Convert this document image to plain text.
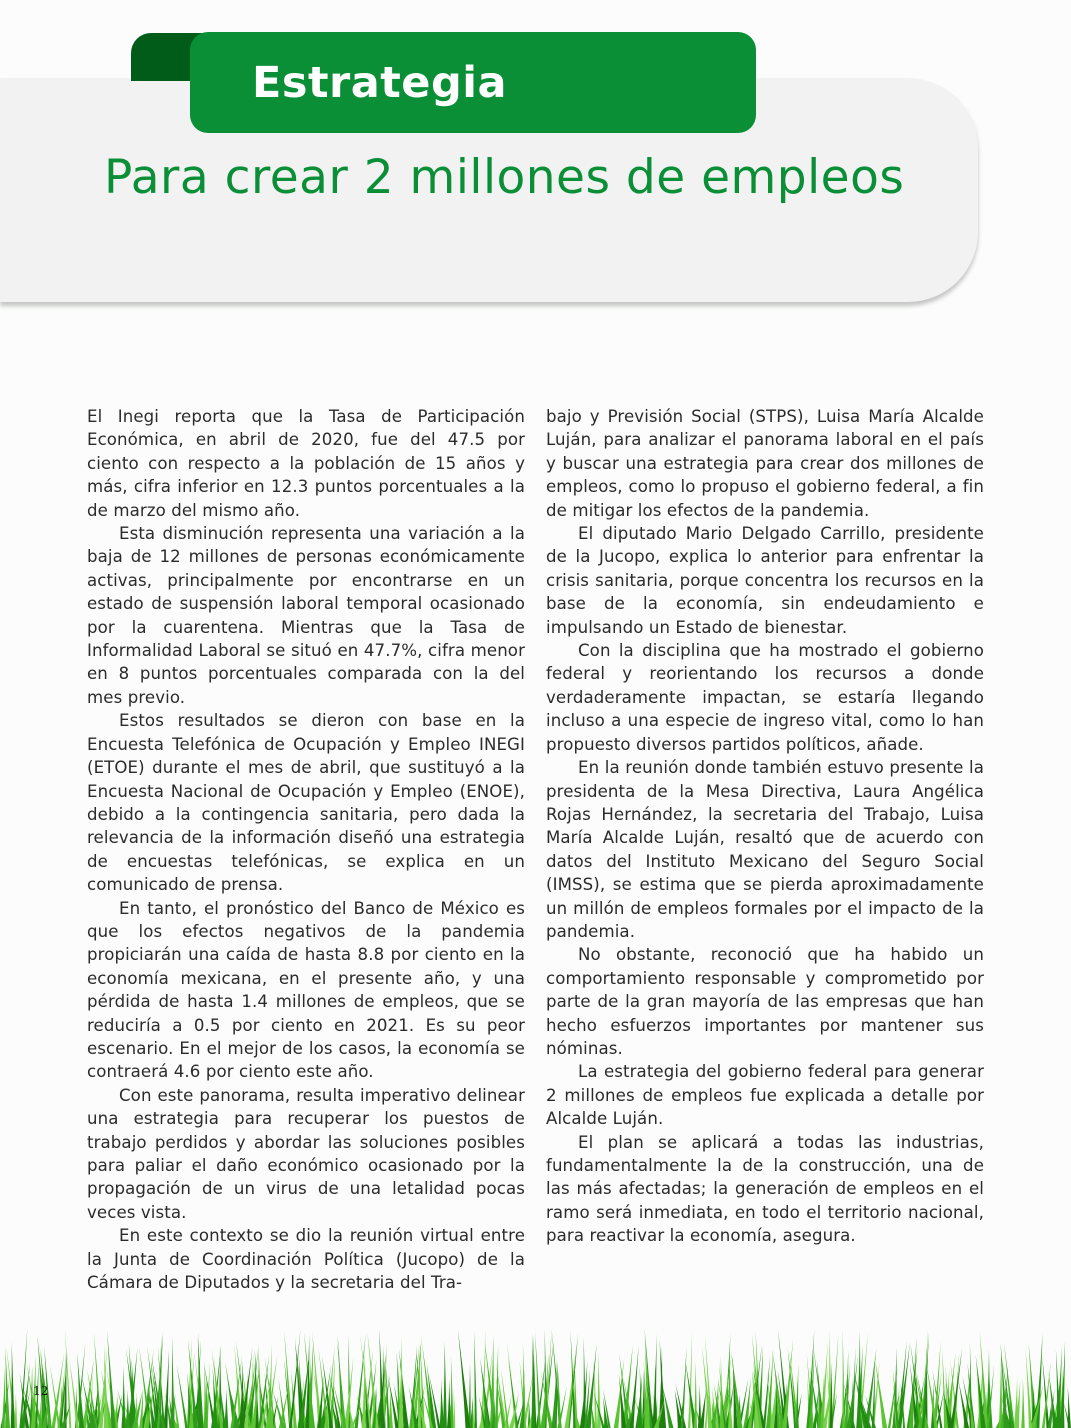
Estrategia
Para crear 2 millones de empleos

El Inegi reporta que la Tasa de Participación Económica, en abril de 2020, fue del 47.5 por ciento con respecto a la población de 15 años y más, cifra inferior en 12.3 puntos porcentuales a la de marzo del mismo año.

Esta disminución representa una variación a la baja de 12 millones de personas económicamente activas, principalmente por encontrarse en un estado de suspensión laboral temporal ocasionado por la cuarentena. Mientras que la Tasa de Informalidad Laboral se situó en 47.7%, cifra menor en 8 puntos porcentuales comparada con la del mes previo.

Estos resultados se dieron con base en la Encuesta Telefónica de Ocupación y Empleo INEGI (ETOE) durante el mes de abril, que sustituyó a la Encuesta Nacional de Ocupación y Empleo (ENOE), debido a la contingencia sanitaria, pero dada la relevancia de la información diseñó una estrategia de encuestas telefónicas, se explica en un comunicado de prensa.

En tanto, el pronóstico del Banco de México es que los efectos negativos de la pandemia propiciarán una caída de hasta 8.8 por ciento en la economía mexicana, en el presente año, y una pérdida de hasta 1.4 millones de empleos, que se reduciría a 0.5 por ciento en 2021. Es su peor escenario. En el mejor de los casos, la economía se contraerá 4.6 por ciento este año.

Con este panorama, resulta imperativo delinear una estrategia para recuperar los puestos de trabajo perdidos y abordar las soluciones posibles para paliar el daño económico ocasionado por la propagación de un virus de una letalidad pocas veces vista.

En este contexto se dio la reunión virtual entre la Junta de Coordinación Política (Jucopo) de la Cámara de Diputados y la secretaria del Tra-

bajo y Previsión Social (STPS), Luisa María Alcalde Luján, para analizar el panorama laboral en el país y buscar una estrategia para crear dos millones de empleos, como lo propuso el gobierno federal, a fin de mitigar los efectos de la pandemia.

El diputado Mario Delgado Carrillo, presidente de la Jucopo, explica lo anterior para enfrentar la crisis sanitaria, porque concentra los recursos en la base de la economía, sin endeudamiento e impulsando un Estado de bienestar.

Con la disciplina que ha mostrado el gobierno federal y reorientando los recursos a donde verdaderamente impactan, se estaría llegando incluso a una especie de ingreso vital, como lo han propuesto diversos partidos políticos, añade.

En la reunión donde también estuvo presente la presidenta de la Mesa Directiva, Laura Angélica Rojas Hernández, la secretaria del Trabajo, Luisa María Alcalde Luján, resaltó que de acuerdo con datos del Instituto Mexicano del Seguro Social (IMSS), se estima que se pierda aproximadamente un millón de empleos formales por el impacto de la pandemia.

No obstante, reconoció que ha habido un comportamiento responsable y comprometido por parte de la gran mayoría de las empresas que han hecho esfuerzos importantes por mantener sus nóminas.

La estrategia del gobierno federal para generar 2 millones de empleos fue explicada a detalle por Alcalde Luján.

El plan se aplicará a todas las industrias, fundamentalmente la de la construcción, una de las más afectadas; la generación de empleos en el ramo será inmediata, en todo el territorio nacional, para reactivar la economía, asegura.

12
